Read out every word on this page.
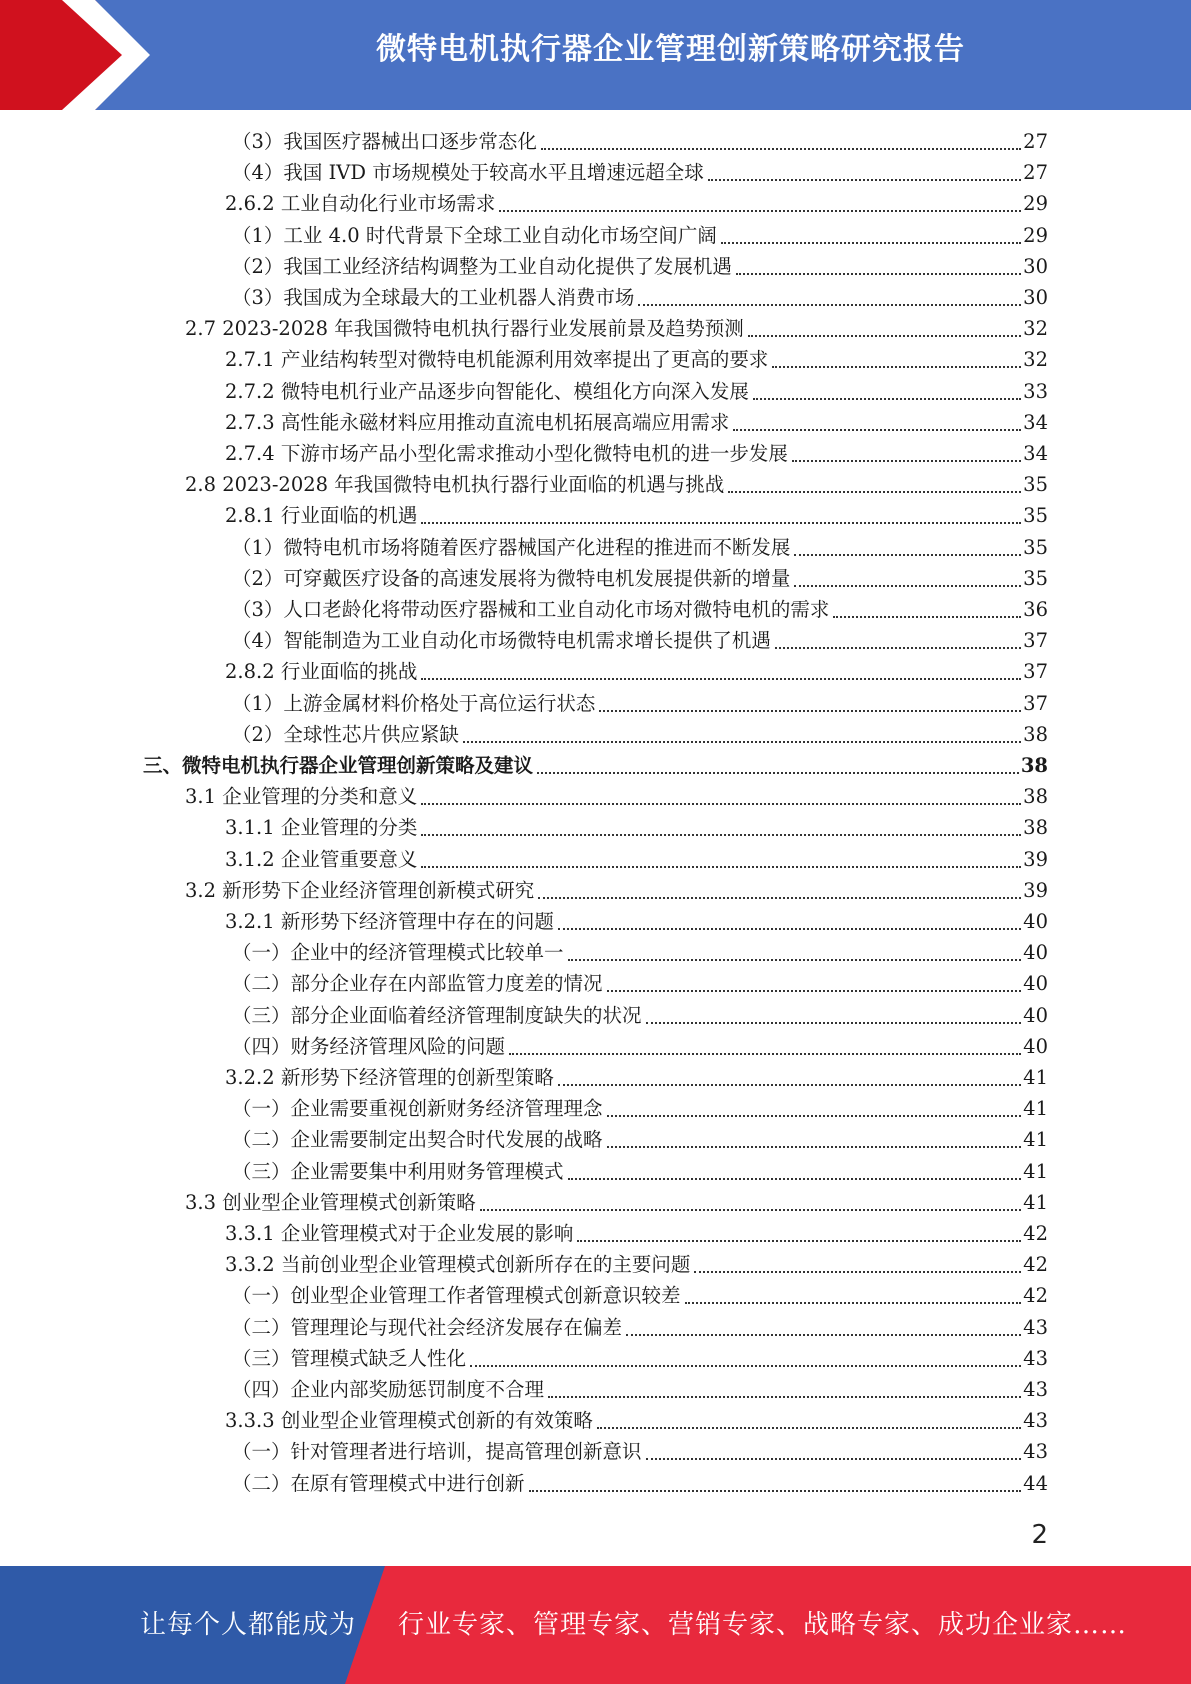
微特电机执行器企业管理创新策略研究报告
（3）我国医疗器械出口逐步常态化	27
（4）我国 IVD 市场规模处于较高水平且增速远超全球	27
2.6.2 工业自动化行业市场需求	29
（1）工业 4.0 时代背景下全球工业自动化市场空间广阔	29
（2）我国工业经济结构调整为工业自动化提供了发展机遇	30
（3）我国成为全球最大的工业机器人消费市场	30
2.7 2023-2028 年我国微特电机执行器行业发展前景及趋势预测	32
2.7.1 产业结构转型对微特电机能源利用效率提出了更高的要求	32
2.7.2 微特电机行业产品逐步向智能化、模组化方向深入发展	33
2.7.3 高性能永磁材料应用推动直流电机拓展高端应用需求	34
2.7.4 下游市场产品小型化需求推动小型化微特电机的进一步发展	34
2.8 2023-2028 年我国微特电机执行器行业面临的机遇与挑战	35
2.8.1 行业面临的机遇	35
（1）微特电机市场将随着医疗器械国产化进程的推进而不断发展	35
（2）可穿戴医疗设备的高速发展将为微特电机发展提供新的增量	35
（3）人口老龄化将带动医疗器械和工业自动化市场对微特电机的需求	36
（4）智能制造为工业自动化市场微特电机需求增长提供了机遇	37
2.8.2 行业面临的挑战	37
（1）上游金属材料价格处于高位运行状态	37
（2）全球性芯片供应紧缺	38
三、微特电机执行器企业管理创新策略及建议	38
3.1 企业管理的分类和意义	38
3.1.1 企业管理的分类	38
3.1.2 企业管重要意义	39
3.2 新形势下企业经济管理创新模式研究	39
3.2.1 新形势下经济管理中存在的问题	40
（一）企业中的经济管理模式比较单一	40
（二）部分企业存在内部监管力度差的情况	40
（三）部分企业面临着经济管理制度缺失的状况	40
（四）财务经济管理风险的问题	40
3.2.2 新形势下经济管理的创新型策略	41
（一）企业需要重视创新财务经济管理理念	41
（二）企业需要制定出契合时代发展的战略	41
（三）企业需要集中利用财务管理模式	41
3.3 创业型企业管理模式创新策略	41
3.3.1 企业管理模式对于企业发展的影响	42
3.3.2 当前创业型企业管理模式创新所存在的主要问题	42
（一）创业型企业管理工作者管理模式创新意识较差	42
（二）管理理论与现代社会经济发展存在偏差	43
（三）管理模式缺乏人性化	43
（四）企业内部奖励惩罚制度不合理	43
3.3.3 创业型企业管理模式创新的有效策略	43
（一）针对管理者进行培训，提高管理创新意识	43
（二）在原有管理模式中进行创新	44
2
让每个人都能成为 行业专家、管理专家、营销专家、战略专家、成功企业家……
